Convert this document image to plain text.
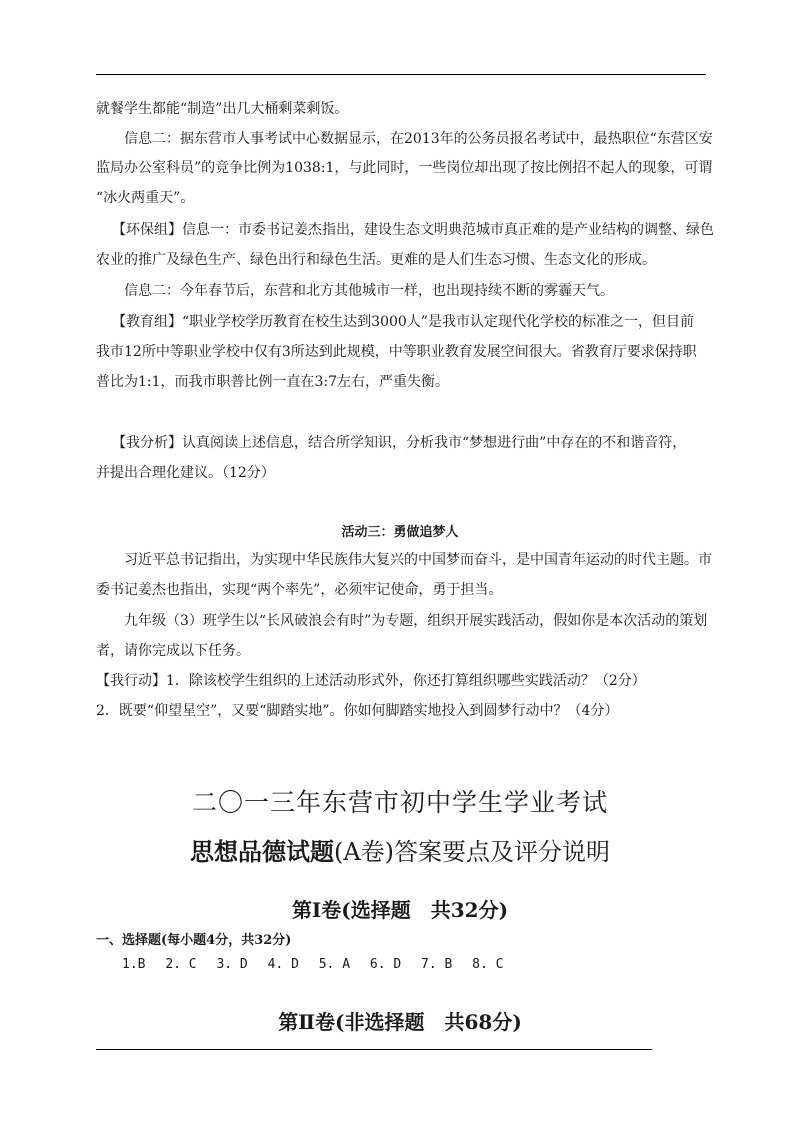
就餐学生都能“制造”出几大桶剩菜剩饭。
信息二：据东营市人事考试中心数据显示，在2013年的公务员报名考试中，最热职位“东营区安
监局办公室科员”的竞争比例为1038:1，与此同时，一些岗位却出现了按比例招不起人的现象，可谓
“冰火两重天”。
【环保组】信息一：市委书记姜杰指出，建设生态文明典范城市真正难的是产业结构的调整、绿色
农业的推广及绿色生产、绿色出行和绿色生活。更难的是人们生态习惯、生态文化的形成。
信息二：今年春节后，东营和北方其他城市一样，也出现持续不断的雾霾天气。
【教育组】“职业学校学历教育在校生达到3000人”是我市认定现代化学校的标准之一，但目前
我市12所中等职业学校中仅有3所达到此规模，中等职业教育发展空间很大。省教育厅要求保持职
普比为1:1，而我市职普比例一直在3:7左右，严重失衡。
【我分析】认真阅读上述信息，结合所学知识，分析我市“梦想进行曲”中存在的不和谐音符，
并提出合理化建议。（12分）
活动三：勇做追梦人
习近平总书记指出，为实现中华民族伟大复兴的中国梦而奋斗，是中国青年运动的时代主题。市
委书记姜杰也指出，实现“两个率先”，必须牢记使命，勇于担当。
九年级（3）班学生以“长风破浪会有时”为专题，组织开展实践活动，假如你是本次活动的策划
者，请你完成以下任务。
【我行动】1．除该校学生组织的上述活动形式外，你还打算组织哪些实践活动？（2分）
2．既要“仰望星空”，又要“脚踏实地”。你如何脚踏实地投入到圆梦行动中？（4分）
二〇一三年东营市初中学生学业考试
思想品德试题(A卷)答案要点及评分说明
第Ⅰ卷(选择题　共32分)
一、选择题(每小题4分，共32分)
1.B 2. C 3. D 4. D 5. A 6. D 7. B 8. C
第Ⅱ卷(非选择题　共68分)
